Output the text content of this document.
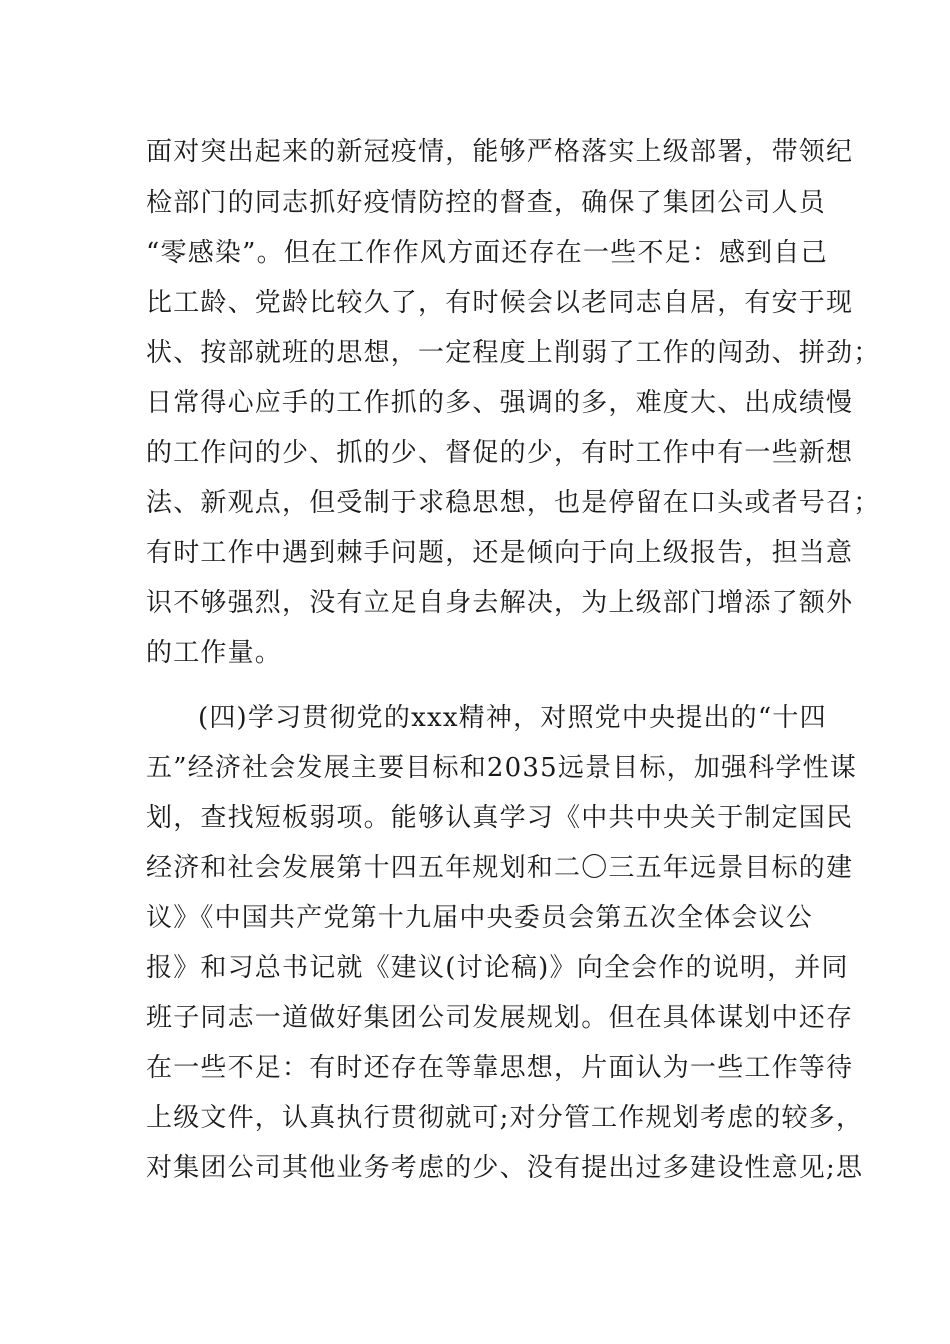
面对突出起来的新冠疫情，能够严格落实上级部署，带领纪
检部门的同志抓好疫情防控的督查，确保了集团公司人员
“零感染”。但在工作作风方面还存在一些不足：感到自己
比工龄、党龄比较久了，有时候会以老同志自居，有安于现
状、按部就班的思想，一定程度上削弱了工作的闯劲、拼劲；
日常得心应手的工作抓的多、强调的多，难度大、出成绩慢
的工作问的少、抓的少、督促的少，有时工作中有一些新想
法、新观点，但受制于求稳思想，也是停留在口头或者号召；
有时工作中遇到棘手问题，还是倾向于向上级报告，担当意
识不够强烈，没有立足自身去解决，为上级部门增添了额外
的工作量。
(四)学习贯彻党的xxx精神，对照党中央提出的“十四
五”经济社会发展主要目标和2035远景目标，加强科学性谋
划，查找短板弱项。能够认真学习《中共中央关于制定国民
经济和社会发展第十四五年规划和二〇三五年远景目标的建
议》《中国共产党第十九届中央委员会第五次全体会议公
报》和习总书记就《建议(讨论稿)》向全会作的说明，并同
班子同志一道做好集团公司发展规划。但在具体谋划中还存
在一些不足：有时还存在等靠思想，片面认为一些工作等待
上级文件，认真执行贯彻就可;对分管工作规划考虑的较多，
对集团公司其他业务考虑的少、没有提出过多建设性意见;思
